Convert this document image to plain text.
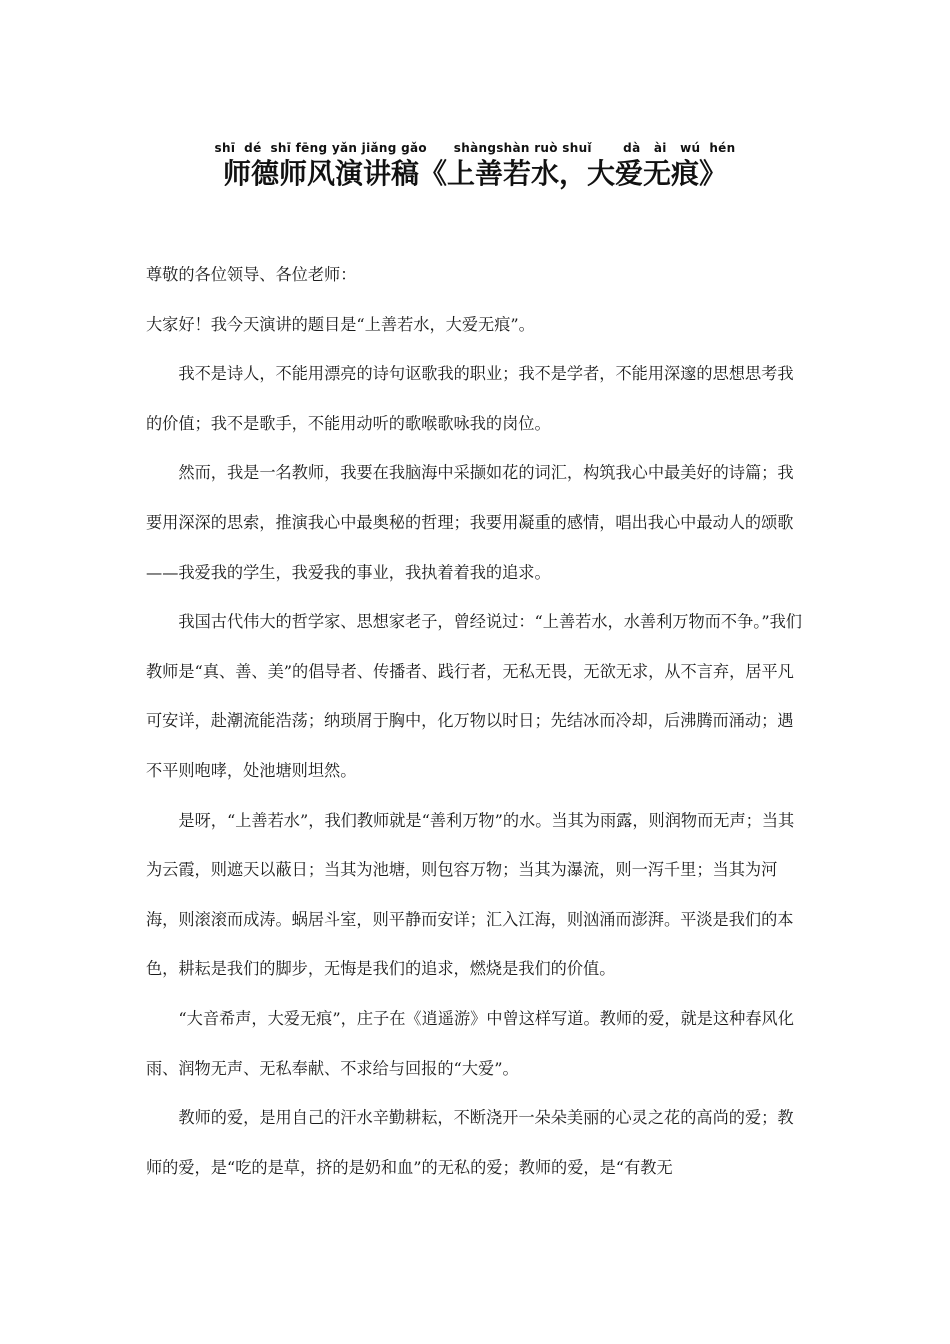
shī  dé  shī fēng yǎn jiǎng gǎo      shàngshàn ruò shuǐ       dà   ài   wú  hén
师德师风演讲稿《上善若水，大爱无痕》

尊敬的各位领导、各位老师：

大家好！我今天演讲的题目是“上善若水，大爱无痕”。

我不是诗人，不能用漂亮的诗句讴歌我的职业；我不是学者，不能用深邃的思想思考我的价值；我不是歌手，不能用动听的歌喉歌咏我的岗位。

然而，我是一名教师，我要在我脑海中采撷如花的词汇，构筑我心中最美好的诗篇；我要用深深的思索，推演我心中最奥秘的哲理；我要用凝重的感情，唱出我心中最动人的颂歌——我爱我的学生，我爱我的事业，我执着着我的追求。

我国古代伟大的哲学家、思想家老子，曾经说过：“上善若水，水善利万物而不争。”我们教师是“真、善、美”的倡导者、传播者、践行者，无私无畏，无欲无求，从不言弃，居平凡可安详，赴潮流能浩荡；纳琐屑于胸中，化万物以时日；先结冰而冷却，后沸腾而涌动；遇不平则咆哮，处池塘则坦然。

是呀，“上善若水”，我们教师就是“善利万物”的水。当其为雨露，则润物而无声；当其为云霞，则遮天以蔽日；当其为池塘，则包容万物；当其为瀑流，则一泻千里；当其为河海，则滚滚而成涛。蜗居斗室，则平静而安详；汇入江海，则汹涌而澎湃。平淡是我们的本色，耕耘是我们的脚步，无悔是我们的追求，燃烧是我们的价值。

“大音希声，大爱无痕”，庄子在《逍遥游》中曾这样写道。教师的爱，就是这种春风化雨、润物无声、无私奉献、不求给与回报的“大爱”。

教师的爱，是用自己的汗水辛勤耕耘，不断浇开一朵朵美丽的心灵之花的高尚的爱；教师的爱，是“吃的是草，挤的是奶和血”的无私的爱；教师的爱，是“有教无
